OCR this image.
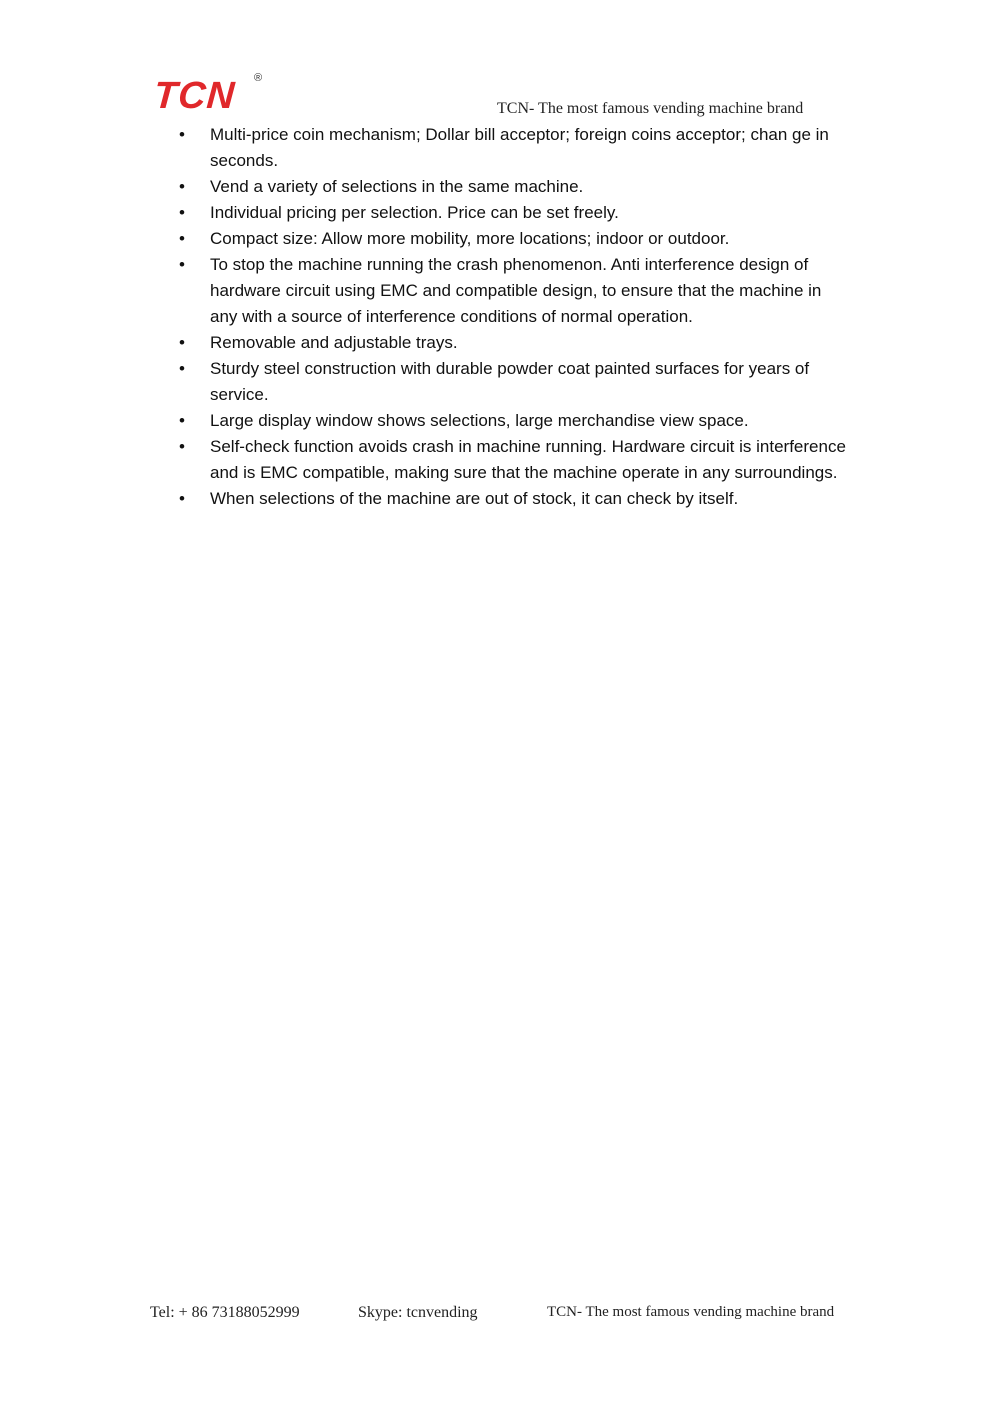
TCN ®
TCN- The most famous vending machine brand
• Multi-price coin mechanism; Dollar bill acceptor; foreign coins acceptor; chan ge in seconds.
• Vend a variety of selections in the same machine.
• Individual pricing per selection. Price can be set freely.
• Compact size: Allow more mobility, more locations; indoor or outdoor.
• To stop the machine running the crash phenomenon. Anti interference design of hardware circuit using EMC and compatible design, to ensure that the machine in any with a source of interference conditions of normal operation.
• Removable and adjustable trays.
• Sturdy steel construction with durable powder coat painted surfaces for years of service.
• Large display window shows selections, large merchandise view space.
• Self-check function avoids crash in machine running. Hardware circuit is interference and is EMC compatible, making sure that the machine operate in any surroundings.
• When selections of the machine are out of stock, it can check by itself.
Tel: + 86 73188052999	Skype: tcnvending	TCN- The most famous vending machine brand
